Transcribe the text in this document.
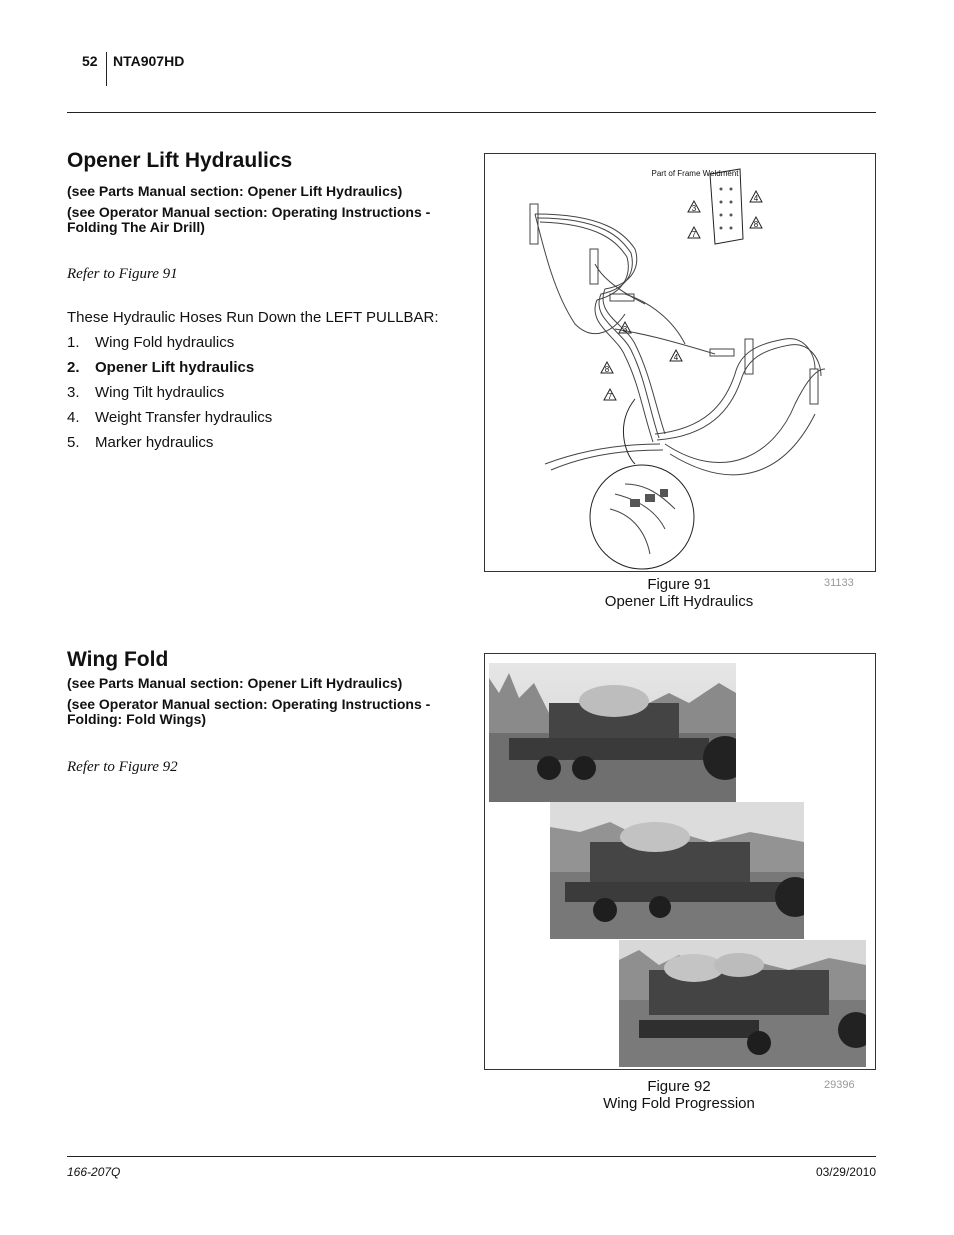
52 NTA907HD
Opener Lift Hydraulics
(see Parts Manual section: Opener Lift Hydraulics)
(see Operator Manual section: Operating Instructions - Folding The Air Drill)
Refer to Figure 91
These Hydraulic Hoses Run Down the LEFT PULLBAR:
1.	Wing Fold hydraulics
2.	Opener Lift hydraulics
3.	Wing Tilt hydraulics
4.	Weight Transfer hydraulics
5.	Marker hydraulics
Part of Frame Weldment
3
4
7
8
3
4
8
7
Figure 91
Opener Lift Hydraulics
31133
Wing Fold
(see Parts Manual section: Opener Lift Hydraulics)
(see Operator Manual section: Operating Instructions - Folding: Fold Wings)
Refer to Figure 92
Figure 92
Wing Fold Progression
29396
166-207Q	03/29/2010
